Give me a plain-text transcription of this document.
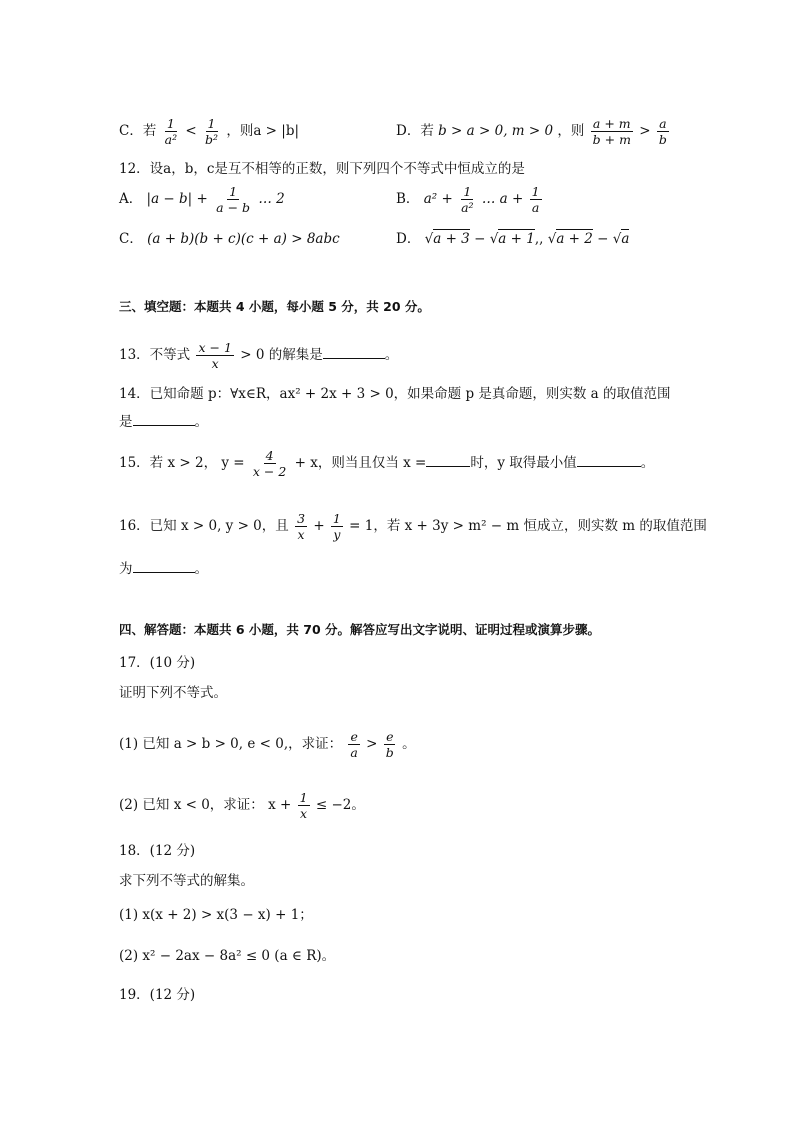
C．若 $\frac{1}{\text{a²}} < \frac{1}{\text{b²}}$ ，则a > |b|	D．若 b > a > 0, m > 0 ，则 $\frac{a + m}{b + m} > \frac{a}{b}$
12．设a，b，c是互不相等的正数，则下列四个不等式中恒成立的是
A． $|a - b| + \frac{1}{a - b}$ … 2	B． $a^2 + \frac{1}{\text{a²}}$ … $a + \frac{1}{a}$
C． (a + b)(b + c)(c + a) > 8abc	D． √a + 3 − √a + 1,, √a + 2 − √a
三、填空题：本题共 4 小题，每小题 5 分，共 20 分。
13．不等式 $\frac{x - 1}{x} > 0$ 的解集是	。
14．已知命题 p：∀x∈R，ax² + 2x + 3 > 0，如果命题 p 是真命题，则实数 a 的取值范围
是	。
15．若 x > 2， $y = \frac{4}{x - 2} + x$，则当且仅当 x =	时，y 取得最小值	。
16．已知 x > 0, y > 0，且 $\frac{3}{x} + \frac{1}{y} = 1$，若 x + 3y > m² − m 恒成立，则实数 m 的取值范围
为	。
四、解答题：本题共 6 小题，共 70 分。解答应写出文字说明、证明过程或演算步骤。
17．(10 分)
证明下列不等式。
(1) 已知 a > b > 0, e < 0,，求证： $\frac{e}{a} > \frac{e}{b}$ 。
(2) 已知 x < 0，求证： $x + \frac{1}{x} \le -2$。
18．(12 分)
求下列不等式的解集。
(1) x(x + 2) > x(3 − x) + 1；
(2) x² − 2ax − 8a² ≤ 0 (a ∈ R)。
19．(12 分)
